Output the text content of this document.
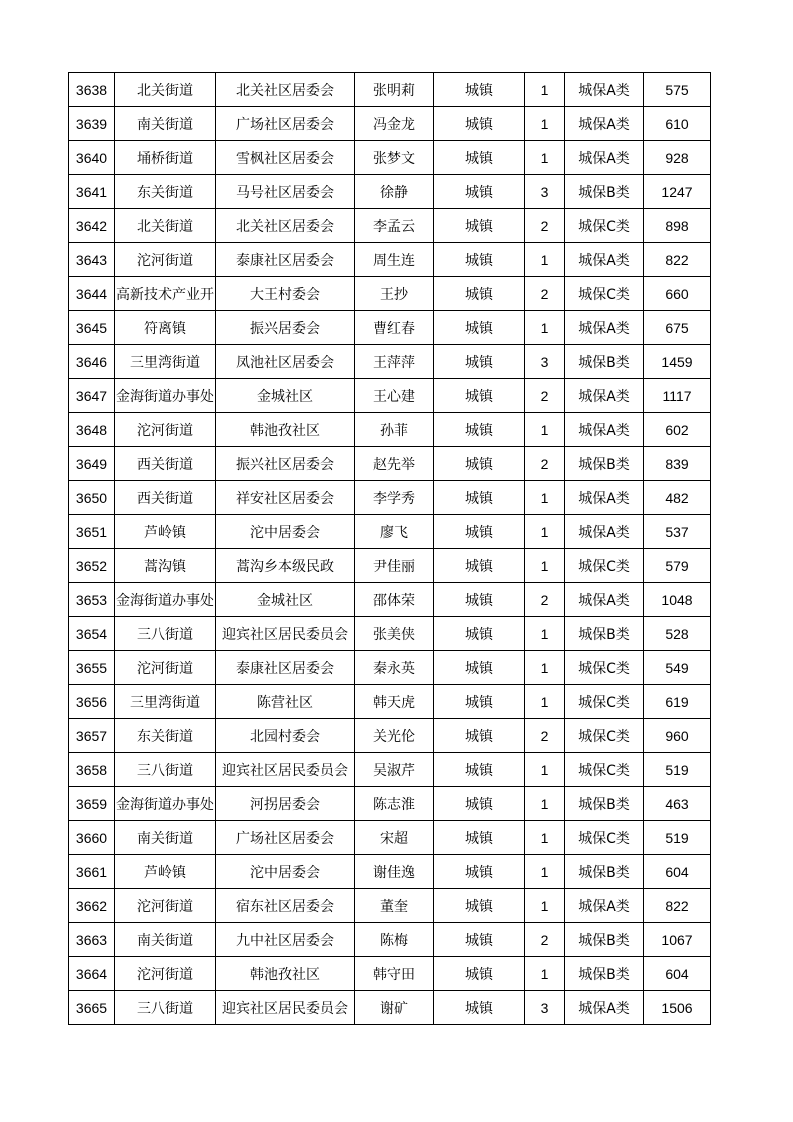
3638	北关街道	北关社区居委会	张明莉	城镇	1	城保A类	575
3639	南关街道	广场社区居委会	冯金龙	城镇	1	城保A类	610
3640	埇桥街道	雪枫社区居委会	张梦文	城镇	1	城保A类	928
3641	东关街道	马号社区居委会	徐静	城镇	3	城保B类	1247
3642	北关街道	北关社区居委会	李孟云	城镇	2	城保C类	898
3643	沱河街道	泰康社区居委会	周生连	城镇	1	城保A类	822
3644	高新技术产业开	大王村委会	王抄	城镇	2	城保C类	660
3645	符离镇	振兴居委会	曹红春	城镇	1	城保A类	675
3646	三里湾街道	凤池社区居委会	王萍萍	城镇	3	城保B类	1459
3647	金海街道办事处	金城社区	王心建	城镇	2	城保A类	1117
3648	沱河街道	韩池孜社区	孙菲	城镇	1	城保A类	602
3649	西关街道	振兴社区居委会	赵先举	城镇	2	城保B类	839
3650	西关街道	祥安社区居委会	李学秀	城镇	1	城保A类	482
3651	芦岭镇	沱中居委会	廖飞	城镇	1	城保A类	537
3652	蒿沟镇	蒿沟乡本级民政	尹佳丽	城镇	1	城保C类	579
3653	金海街道办事处	金城社区	邵体荣	城镇	2	城保A类	1048
3654	三八街道	迎宾社区居民委员会	张美侠	城镇	1	城保B类	528
3655	沱河街道	泰康社区居委会	秦永英	城镇	1	城保C类	549
3656	三里湾街道	陈营社区	韩天虎	城镇	1	城保C类	619
3657	东关街道	北园村委会	关光伦	城镇	2	城保C类	960
3658	三八街道	迎宾社区居民委员会	吴淑芹	城镇	1	城保C类	519
3659	金海街道办事处	河拐居委会	陈志淮	城镇	1	城保B类	463
3660	南关街道	广场社区居委会	宋超	城镇	1	城保C类	519
3661	芦岭镇	沱中居委会	谢佳逸	城镇	1	城保B类	604
3662	沱河街道	宿东社区居委会	董奎	城镇	1	城保A类	822
3663	南关街道	九中社区居委会	陈梅	城镇	2	城保B类	1067
3664	沱河街道	韩池孜社区	韩守田	城镇	1	城保B类	604
3665	三八街道	迎宾社区居民委员会	谢矿	城镇	3	城保A类	1506
